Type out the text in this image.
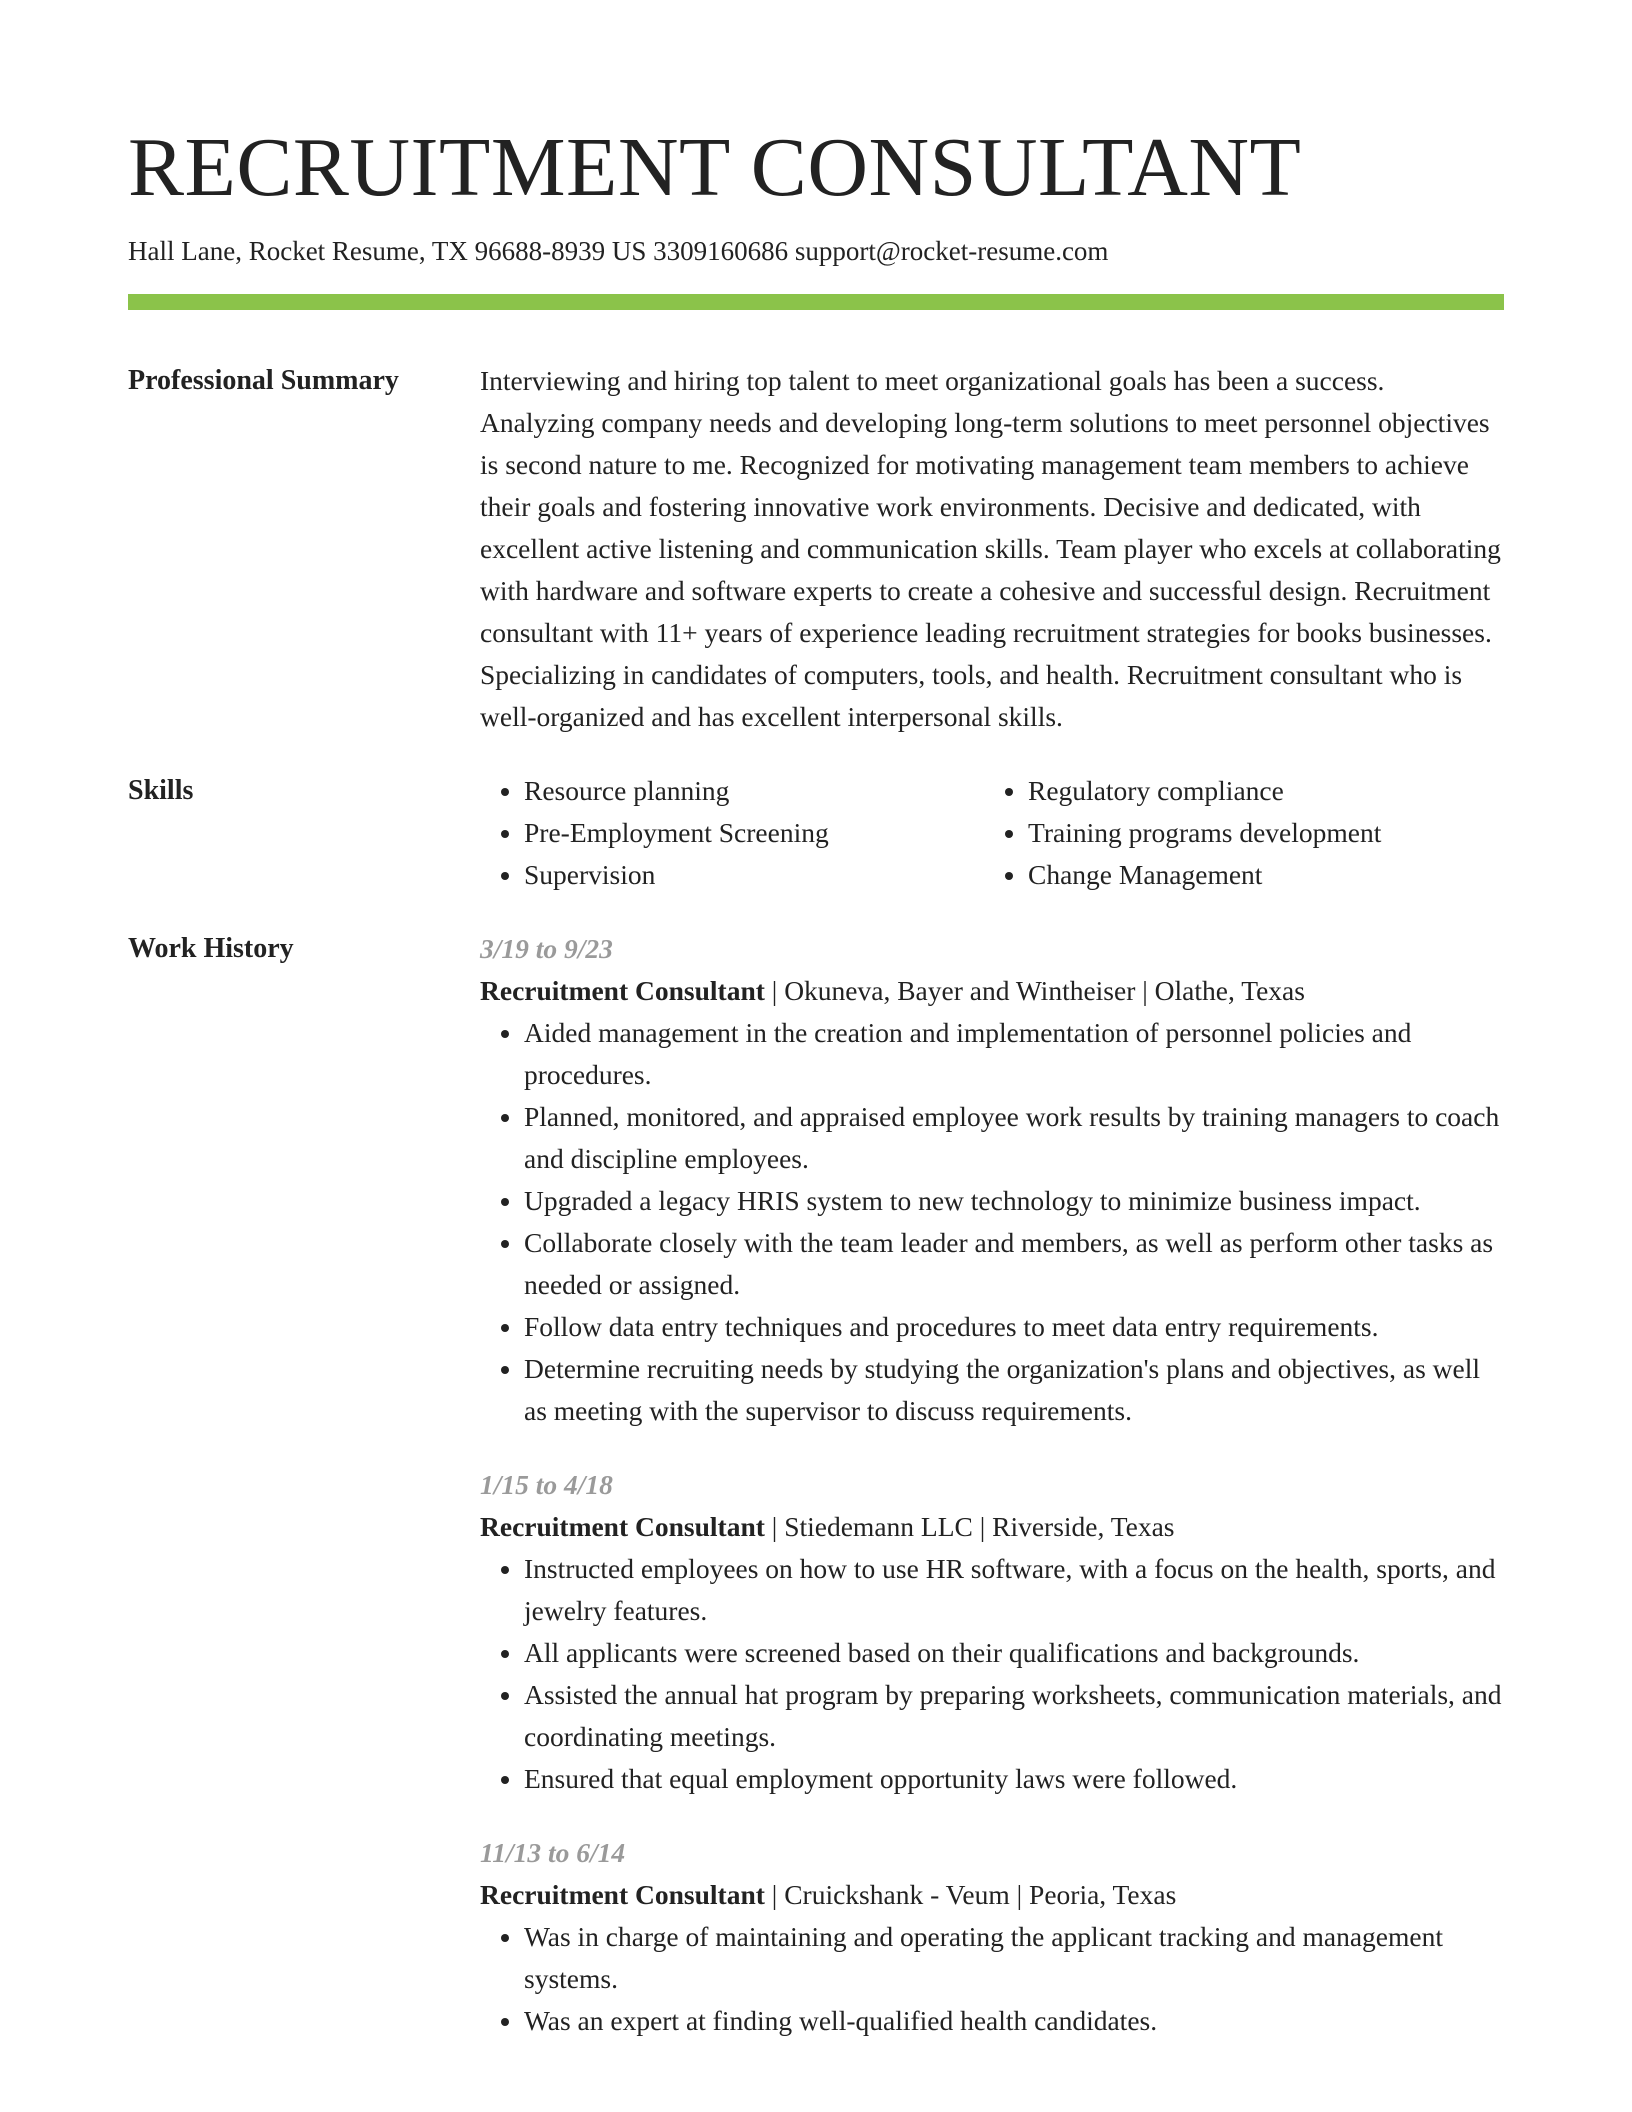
RECRUITMENT CONSULTANT
Hall Lane, Rocket Resume, TX 96688-8939 US 3309160686 support@rocket-resume.com
Professional Summary	Interviewing and hiring top talent to meet organizational goals has been a success. Analyzing company needs and developing long-term solutions to meet personnel objectives is second nature to me. Recognized for motivating management team members to achieve their goals and fostering innovative work environments. Decisive and dedicated, with excellent active listening and communication skills. Team player who excels at collaborating with hardware and software experts to create a cohesive and successful design. Recruitment consultant with 11+ years of experience leading recruitment strategies for books businesses. Specializing in candidates of computers, tools, and health. Recruitment consultant who is well-organized and has excellent interpersonal skills.
Skills
•	Resource planning
• Pre-Employment Screening
• Supervision
• Regulatory compliance
• Training programs development
• Change Management
Work History	3/19 to 9/23
Recruitment Consultant | Okuneva, Bayer and Wintheiser | Olathe, Texas
• Aided management in the creation and implementation of personnel policies and procedures.
• Planned, monitored, and appraised employee work results by training managers to coach and discipline employees.
• Upgraded a legacy HRIS system to new technology to minimize business impact.
• Collaborate closely with the team leader and members, as well as perform other tasks as needed or assigned.
• Follow data entry techniques and procedures to meet data entry requirements.
• Determine recruiting needs by studying the organization's plans and objectives, as well as meeting with the supervisor to discuss requirements.
1/15 to 4/18
Recruitment Consultant | Stiedemann LLC | Riverside, Texas
• Instructed employees on how to use HR software, with a focus on the health, sports, and jewelry features.
• All applicants were screened based on their qualifications and backgrounds.
• Assisted the annual hat program by preparing worksheets, communication materials, and coordinating meetings.
• Ensured that equal employment opportunity laws were followed.
11/13 to 6/14
Recruitment Consultant | Cruickshank - Veum | Peoria, Texas
• Was in charge of maintaining and operating the applicant tracking and management systems.
• Was an expert at finding well-qualified health candidates.
